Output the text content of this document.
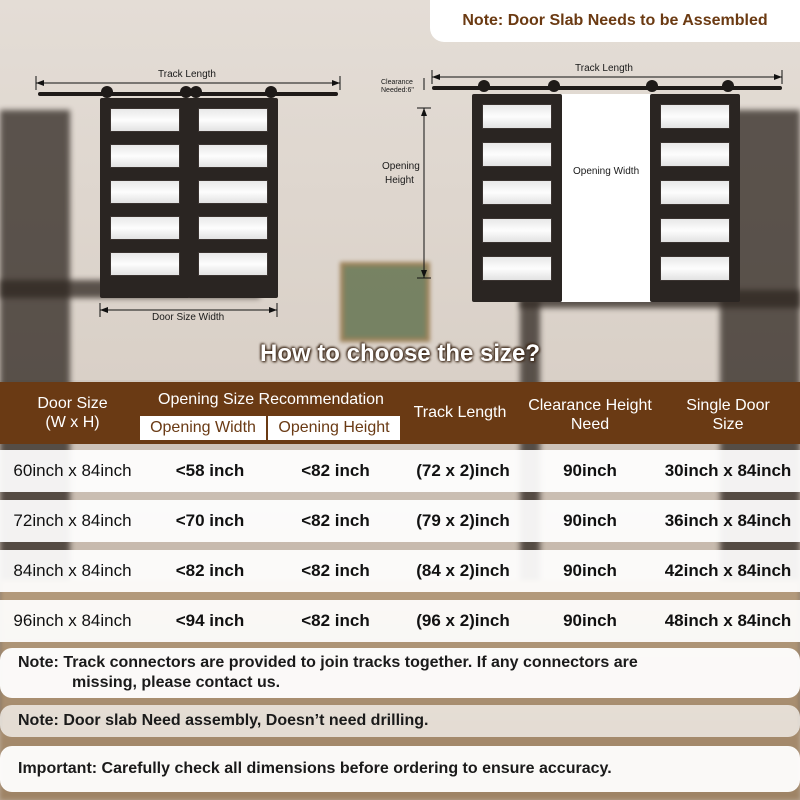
Note: Door Slab Needs to be Assembled
Track Length
Door Size Width
Track Length
Clearance
Needed:6"
Opening
Height
Opening Width
How to choose the size?
Door Size
(W x H)
Opening Size Recommendation
Opening Width	Opening Height
Track Length	Clearance Height
Need
Single Door
Size
60inch x 84inch	<58 inch	<82 inch	(72 x 2)inch	90inch	30inch x 84inch
72inch x 84inch	<70 inch	<82 inch	(79 x 2)inch	90inch	36inch x 84inch
84inch x 84inch	<82 inch	<82 inch	(84 x 2)inch	90inch	42inch x 84inch
96inch x 84inch	<94 inch	<82 inch	(96 x 2)inch	90inch	48inch x 84inch
Note: Track connectors are provided to join tracks together. If any connectors are
missing, please contact us.
Note: Door slab Need assembly, Doesn’t need drilling.
Important: Carefully check all dimensions before ordering to ensure accuracy.
